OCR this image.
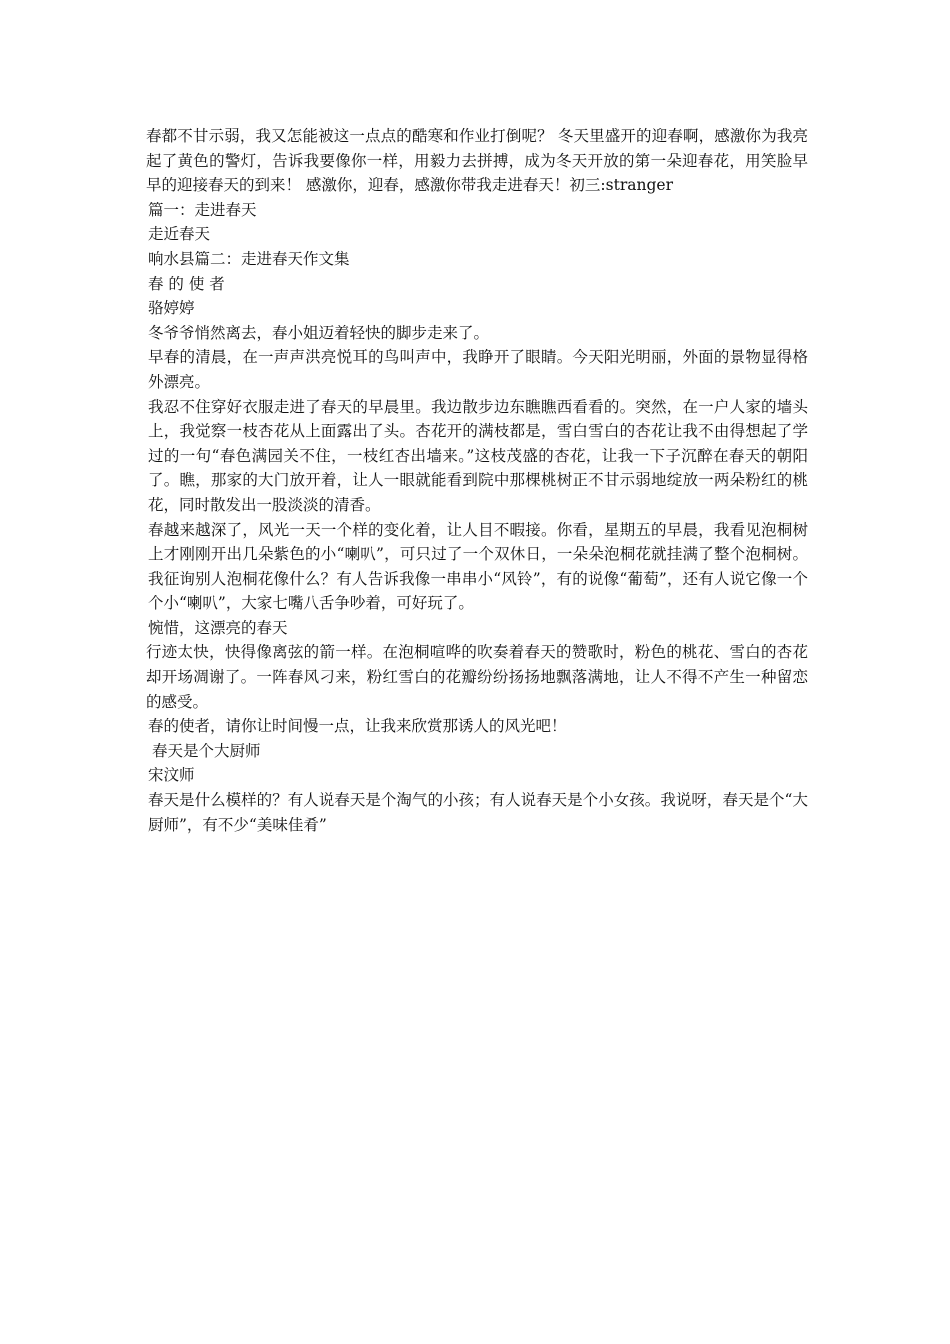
春都不甘示弱，我又怎能被这一点点的酷寒和作业打倒呢？ 冬天里盛开的迎春啊，感激你为我亮起了黄色的警灯，告诉我要像你一样，用毅力去拼搏，成为冬天开放的第一朵迎春花，用笑脸早早的迎接春天的到来！ 感激你，迎春，感激你带我走进春天！初三:stranger

篇一：走进春天

走近春天

响水县篇二：走进春天作文集

春 的 使 者

骆婷婷

冬爷爷悄然离去，春小姐迈着轻快的脚步走来了。

早春的清晨，在一声声洪亮悦耳的鸟叫声中，我睁开了眼睛。今天阳光明丽，外面的景物显得格外漂亮。

我忍不住穿好衣服走进了春天的早晨里。我边散步边东瞧瞧西看看的。突然，在一户人家的墙头上，我觉察一枝杏花从上面露出了头。杏花开的满枝都是，雪白雪白的杏花让我不由得想起了学过的一句“春色满园关不住，一枝红杏出墙来。”这枝茂盛的杏花，让我一下子沉醉在春天的朝阳了。瞧，那家的大门放开着，让人一眼就能看到院中那棵桃树正不甘示弱地绽放一两朵粉红的桃花，同时散发出一股淡淡的清香。

春越来越深了，风光一天一个样的变化着，让人目不暇接。你看，星期五的早晨，我看见泡桐树上才刚刚开出几朵紫色的小“喇叭”，可只过了一个双休日，一朵朵泡桐花就挂满了整个泡桐树。我征询别人泡桐花像什么？有人告诉我像一串串小“风铃”，有的说像“葡萄”，还有人说它像一个个小“喇叭”，大家七嘴八舌争吵着，可好玩了。

惋惜，这漂亮的春天

行迹太快，快得像离弦的箭一样。在泡桐喧哗的吹奏着春天的赞歌时，粉色的桃花、雪白的杏花却开场凋谢了。一阵春风刁来，粉红雪白的花瓣纷纷扬扬地飘落满地，让人不得不产生一种留恋的感受。

春的使者，请你让时间慢一点，让我来欣赏那诱人的风光吧！

春天是个大厨师

宋汶师

春天是什么模样的？有人说春天是个淘气的小孩；有人说春天是个小女孩。我说呀，春天是个“大厨师”，有不少“美味佳肴”
